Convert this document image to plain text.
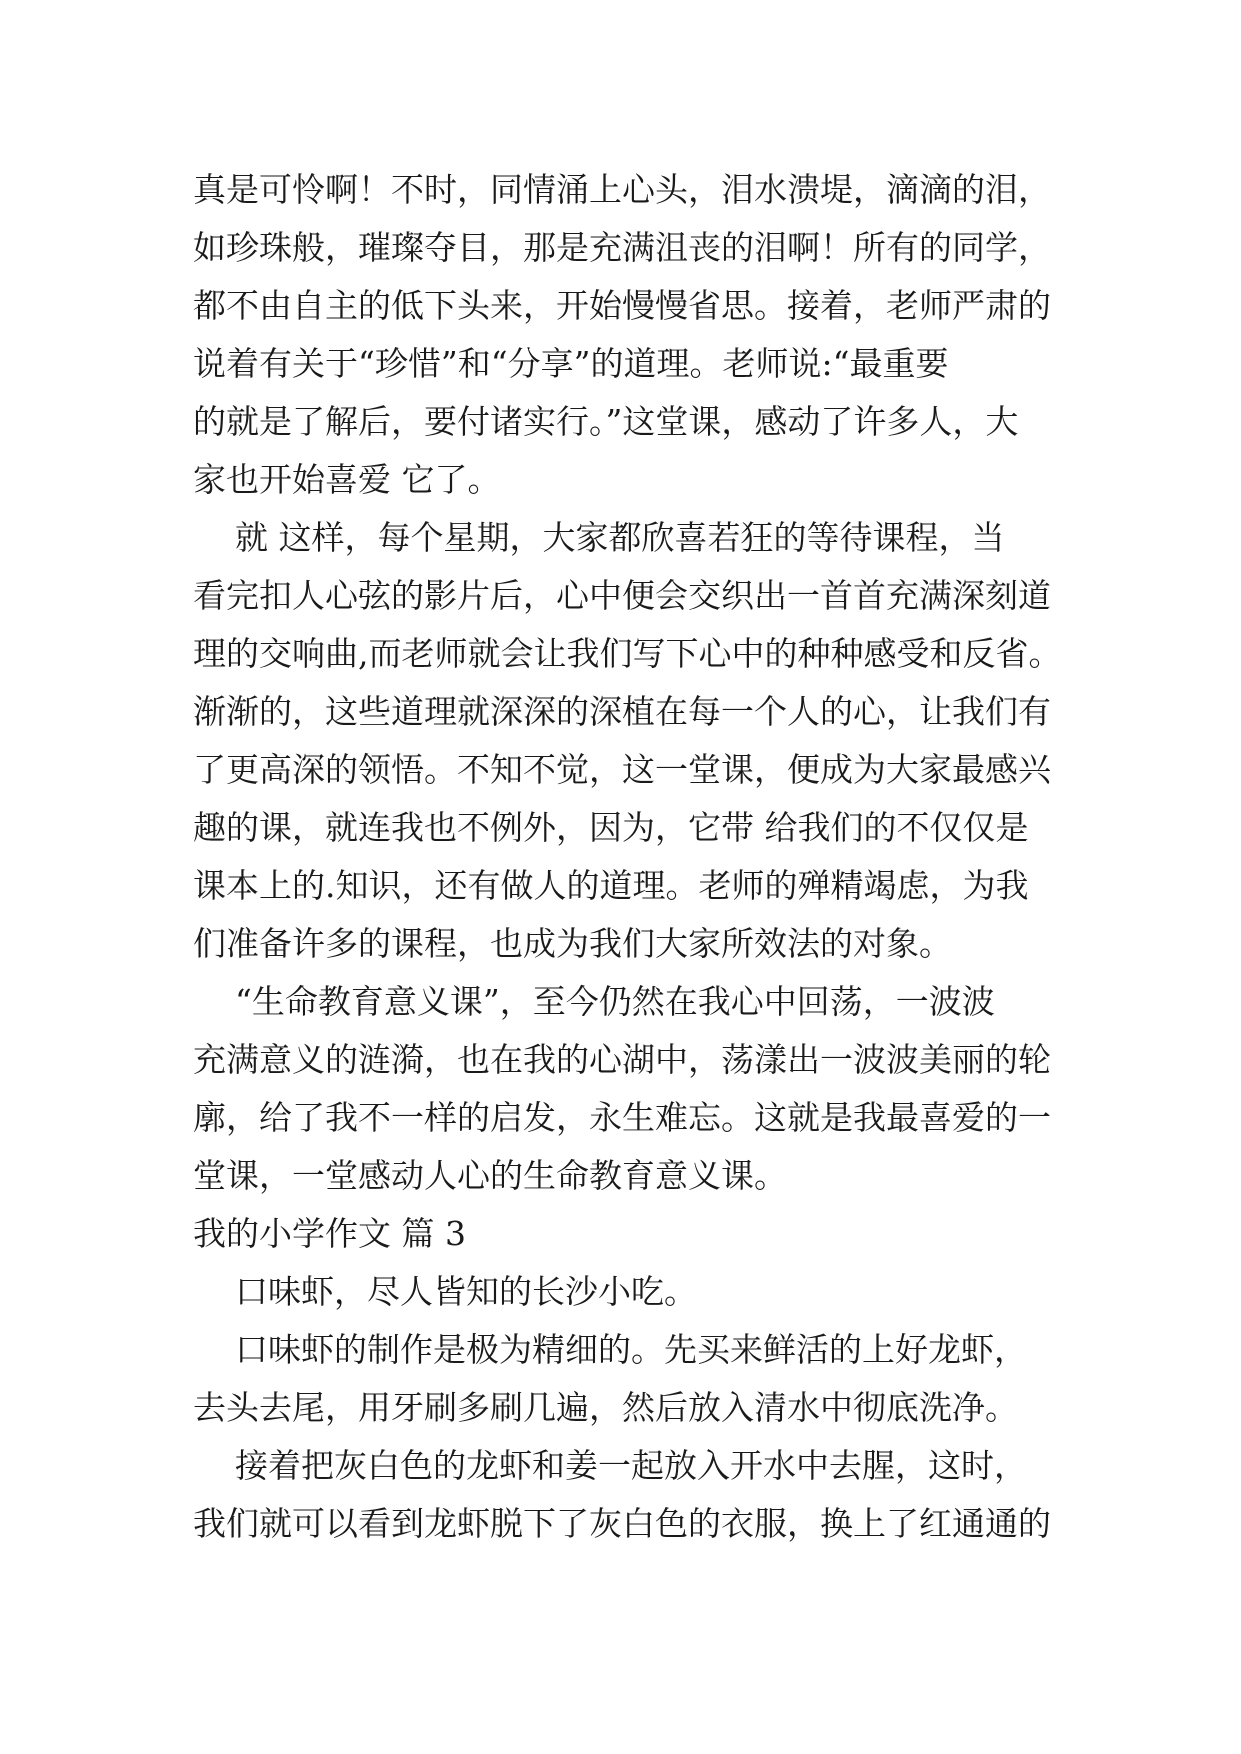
真是可怜啊！不时，同情涌上心头，泪水溃堤，滴滴的泪，
如珍珠般，璀璨夺目，那是充满沮丧的泪啊！所有的同学，
都不由自主的低下头来，开始慢慢省思。接着，老师严肃的
说着有关于“珍惜”和“分享”的道理。老师说:“最重要
的就是了解后，要付诸实行。”这堂课，感动了许多人，大
家也开始喜爱 它了。
就 这样，每个星期，大家都欣喜若狂的等待课程，当
看完扣人心弦的影片后，心中便会交织出一首首充满深刻道
理的交响曲,而老师就会让我们写下心中的种种感受和反省。
渐渐的，这些道理就深深的深植在每一个人的心，让我们有
了更高深的领悟。不知不觉，这一堂课，便成为大家最感兴
趣的课，就连我也不例外，因为，它带 给我们的不仅仅是
课本上的.知识，还有做人的道理。老师的殚精竭虑，为我
们准备许多的课程，也成为我们大家所效法的对象。
“生命教育意义课”，至今仍然在我心中回荡，一波波
充满意义的涟漪，也在我的心湖中，荡漾出一波波美丽的轮
廓，给了我不一样的启发，永生难忘。这就是我最喜爱的一
堂课，一堂感动人心的生命教育意义课。
我的小学作文 篇 3
口味虾，尽人皆知的长沙小吃。
口味虾的制作是极为精细的。先买来鲜活的上好龙虾，
去头去尾，用牙刷多刷几遍，然后放入清水中彻底洗净。
接着把灰白色的龙虾和姜一起放入开水中去腥，这时，
我们就可以看到龙虾脱下了灰白色的衣服，换上了红通通的
